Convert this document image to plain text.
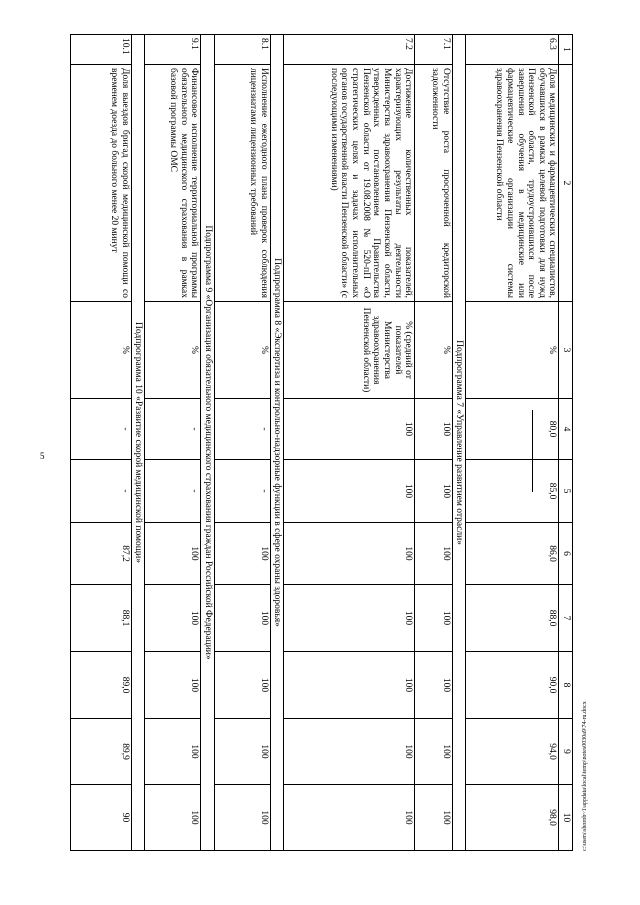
5
c:\users\shorob~1\appdata\local\temp\notes0030a9\74-ru.docx
1	2	3	4	5	6	7	8	9	10
6.3	Доля медицинских и фармацевтических специалистов, обучавшихся в рамках целевой подготовки для нужд Пензенской области, трудоустроившихся после завершения обучения в медицинские или фармацевтические организации системы здравоохранения Пензенской области	%	80,0	85,0	86,0	88,0	90,0	94,0	98,0
Подпрограмма 7 «Управление развитием отрасли»									
7.1	Отсутствие роста просроченной кредиторской задолженности	%	100	100	100	100	100	100	100
7.2	Достижение количественных показателей, характеризующих результаты деятельности Министерства здравоохранения Пензенской области, утвержденных постановлением Правительства Пензенской области от 19.08.2008 № 520-пП «О стратегических целях и задачах исполнительных органов государственной власти Пензенской области» (с последующими изменениями)	% (средний от показателей Министерства здравоохранения Пензенской области)	100	100	100	100	100	100	100
Подпрограмма 8 «Экспертиза и контрольно-надзорные функции в сфере охраны здоровья»									
8.1	Исполнение ежегодного плана проверок соблюдения лицензиатами лицензионных требований	%	-	-	100	100	100	100	100
Подпрограмма 9 «Организация обязательного медицинского страхования граждан Российской Федерации»									
9.1	Финансовое исполнение территориальной программы обязательного медицинского страхования в рамках базовой программы ОМС	%	-	-	100	100	100	100	100
Подпрограмма 10 «Развитие скорой медицинской помощи»									
10.1	Доля выездов бригад скорой медицинской помощи со временем доезда до больного менее 20 минут	%	-	-	87,2	88,1	89,0	89,9	90
